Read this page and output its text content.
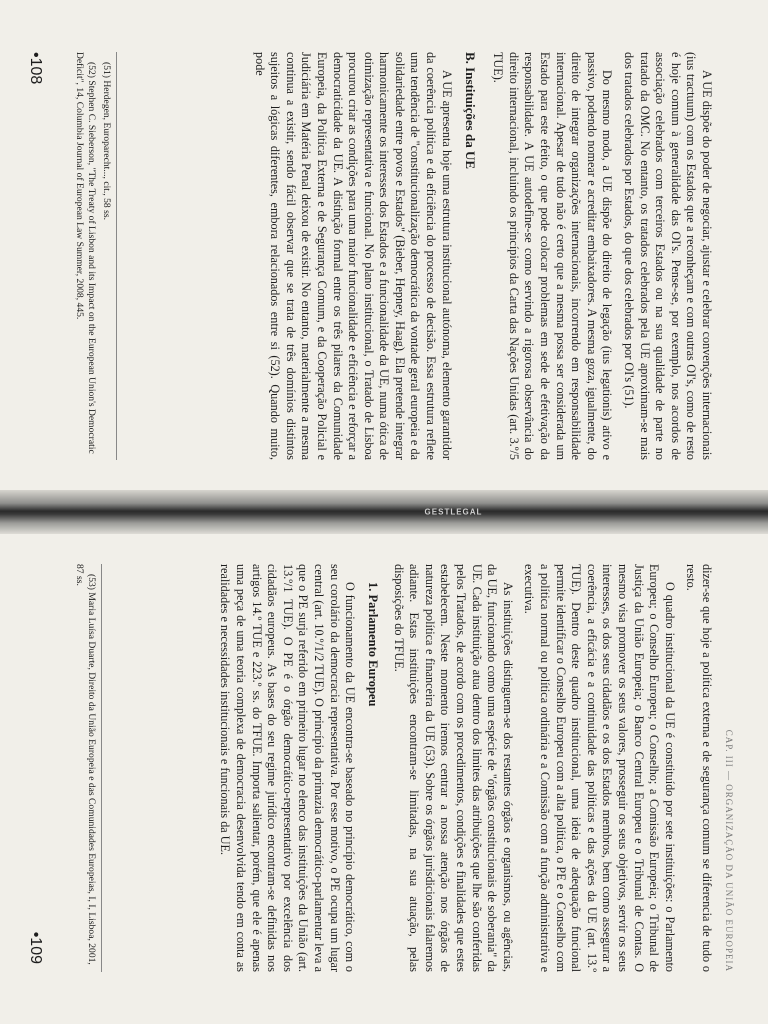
A UE dispõe do poder de negociar, ajustar e celebrar convenções internacionais (ius tractuum) com os Estados que a reconheçam e com outras OI's, como de resto é hoje comum à generalidade das OI's. Pense-se, por exemplo, nos acordos de associação celebrados com terceiros Estados ou na sua qualidade de parte no tratado da OMC. No entanto, os tratados celebrados pela UE aproximam-se mais dos tratados celebrados por Estados, do que dos celebrados por OI's (51).

Do mesmo modo, a UE dispõe do direito de legação (ius legationis) ativo e passivo, podendo nomear e acreditar embaixadores. A mesma goza, igualmente, do direito de integrar organizações internacionais, incorrendo em responsabilidade internacional. Apesar de tudo não é certo que a mesma possa ser considerada um Estado para este efeito, o que pode colocar problemas em sede de efetivação da responsabilidade. A UE autodefine-se como servindo a rigorosa observância do direito internacional, incluindo os princípios da Carta das Nações Unidas (art. 3.º/5 TUE).

B. Instituições da UE

A UE apresenta hoje uma estrutura institucional autónoma, elemento garantidor da coerência política e da eficiência do processo de decisão. Essa estrutura reflete uma tendência de "constitucionalização democrática da vontade geral europeia e da solidariedade entre povos e Estados" (Bieber, Hepney, Haag). Ela pretende integrar harmonicamente os interesses dos Estados e a funcionalidade da UE, numa ótica de otimização representativa e funcional. No plano institucional, o Tratado de Lisboa procurou criar as condições para uma maior funcionalidade e eficiência e reforçar a democraticidade da UE. A distinção formal entre os três pilares da Comunidade Europeia, da Política Externa e de Segurança Comum, e da Cooperação Policial e Judiciária em Matéria Penal deixou de existir. No entanto, materialmente a mesma continua a existir, sendo fácil observar que se trata de três domínios distintos sujeitos a lógicas diferentes, embora relacionados entre si (52). Quando muito, pode

(51) Herdegen, Europarecht..., cit., 58 ss.
(52) Stephen C. Sieberson, "The Treaty of Lisbon and its Impact on the European Union's Democratic Deficit", 14, Columbia Journal of European Law Summer, 2008, 445.
•108
GESTLEGAL
CAP. III — ORGANIZAÇÃO DA UNIÃO EUROPEIA

dizer-se que hoje a política externa e de segurança comum se diferencia de tudo o resto.

O quadro institucional da UE é constituído por sete instituições: o Parlamento Europeu; o Conselho Europeu; o Conselho; a Comissão Europeia; o Tribunal de Justiça da União Europeia; o Banco Central Europeu e o Tribunal de Contas. O mesmo visa promover os seus valores, prosseguir os seus objetivos, servir os seus interesses, os dos seus cidadãos e os dos Estados membros, bem como assegurar a coerência, a eficácia e a continuidade das políticas e das ações da UE (art. 13.º TUE). Dentro deste quadro institucional, uma ideia de adequação funcional permite identificar o Conselho Europeu com a alta política, o PE e o Conselho com a política normal ou política ordinária e a Comissão com a função administrativa e executiva.

As instituições distinguem-se dos restantes órgãos e organismos, ou agências, da UE, funcionando como uma espécie de "órgãos constitucionais de soberania" da UE. Cada instituição atua dentro dos limites das atribuições que lhe são conferidas pelos Tratados, de acordo com os procedimentos, condições e finalidades que estes estabelecem. Neste momento iremos centrar a nossa atenção nos órgãos de natureza política e financeira da UE (53). Sobre os órgãos jurisdicionais falaremos adiante. Estas instituições encontram-se limitadas, na sua atuação, pelas disposições do TFUE.

1. Parlamento Europeu

O funcionamento da UE encontra-se baseado no princípio democrático, com o seu corolário da democracia representativa. Por esse motivo, o PE ocupa um lugar central (art. 10.º/1/2 TUE). O princípio da primazia democrático-parlamentar leva a que o PE surja referido em primeiro lugar no elenco das instituições da União (art. 13.º/1 TUE). O PE é o órgão democrático-representativo por excelência dos cidadãos europeus. As bases do seu regime jurídico encontram-se definidas nos artigos 14.º TUE e 223.º ss. do TFUE. Importa salientar, porém, que ele é apenas uma peça de uma teoria complexa de democracia desenvolvida tendo em conta as realidades e necessidades institucionais e funcionais da UE.

(53) Maria Luísa Duarte, Direito da União Europeia e das Comunidades Europeias, I, I, Lisboa, 2001, 87 ss.
•109
